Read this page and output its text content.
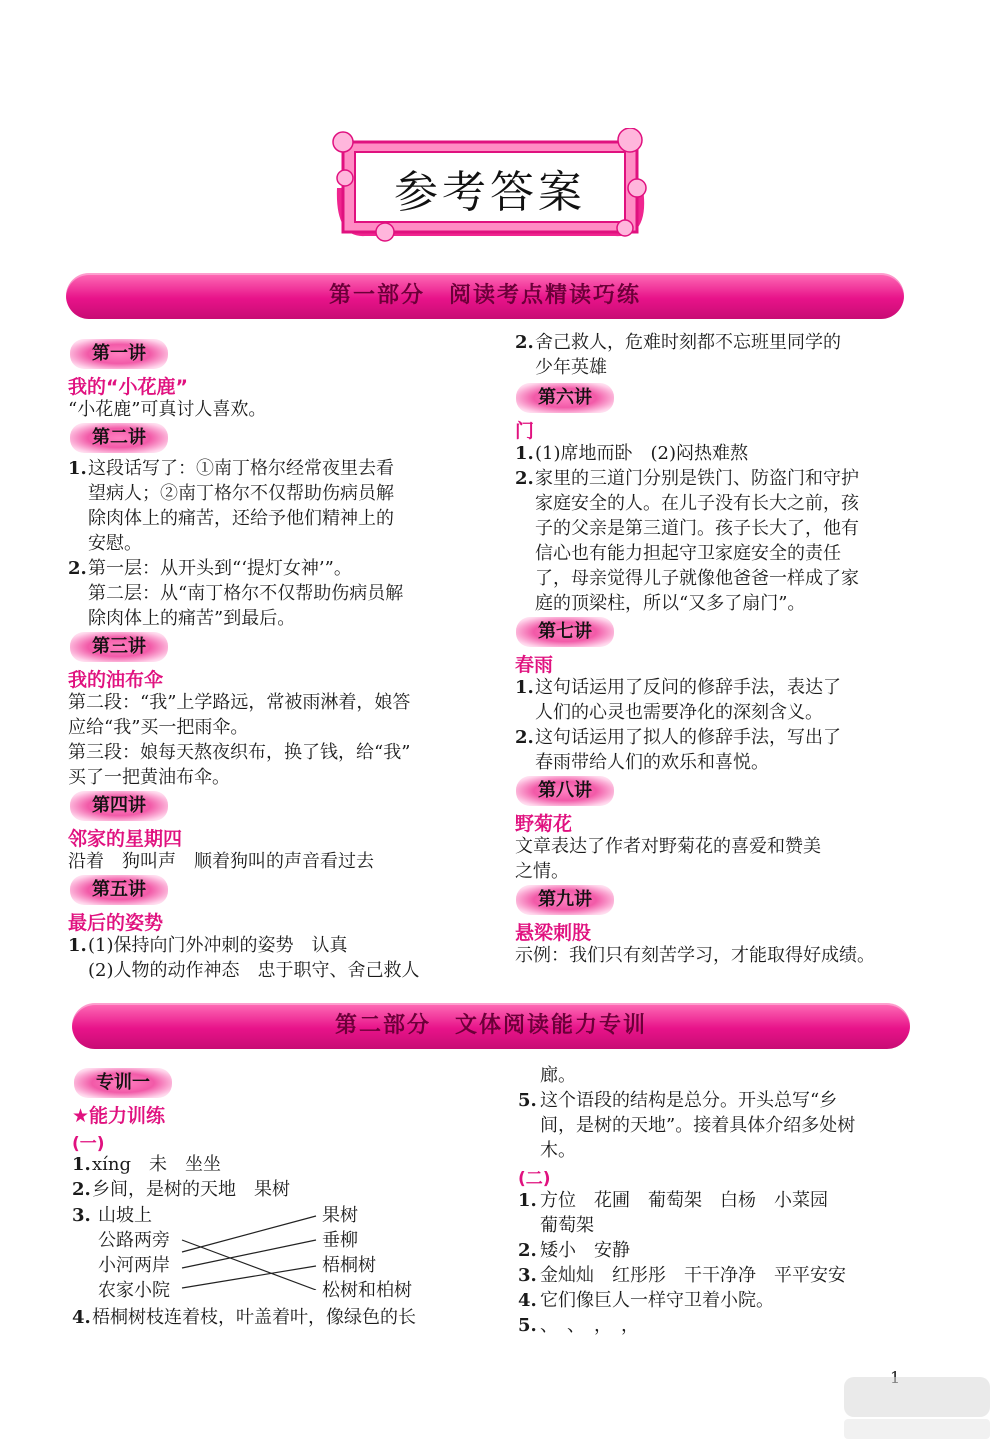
参考答案
第一部分　阅读考点精读巧练
第一讲
我的“小花鹿”
“小花鹿”可真讨人喜欢。
第二讲
1. 这段话写了：①南丁格尔经常夜里去看
望病人；②南丁格尔不仅帮助伤病员解
除肉体上的痛苦，还给予他们精神上的
安慰。
2. 第一层：从开头到“‘提灯女神’”。
第二层：从“南丁格尔不仅帮助伤病员解
除肉体上的痛苦”到最后。
第三讲
我的油布伞
第二段：“我”上学路远，常被雨淋着，娘答
应给“我”买一把雨伞。
第三段：娘每天熬夜织布，换了钱，给“我”
买了一把黄油布伞。
第四讲
邻家的星期四
沿着　狗叫声　顺着狗叫的声音看过去
第五讲
最后的姿势
1. (1)保持向门外冲刺的姿势　认真
(2)人物的动作神态　忠于职守、舍己救人
2. 舍己救人，危难时刻都不忘班里同学的
少年英雄
第六讲
门
1. (1)席地而卧　(2)闷热难熬
2. 家里的三道门分别是铁门、防盗门和守护
家庭安全的人。在儿子没有长大之前，孩
子的父亲是第三道门。孩子长大了，他有
信心也有能力担起守卫家庭安全的责任
了，母亲觉得儿子就像他爸爸一样成了家
庭的顶梁柱，所以“又多了扇门”。
第七讲
春雨
1. 这句话运用了反问的修辞手法，表达了
人们的心灵也需要净化的深刻含义。
2. 这句话运用了拟人的修辞手法，写出了
春雨带给人们的欢乐和喜悦。
第八讲
野菊花
文章表达了作者对野菊花的喜爱和赞美
之情。
第九讲
悬梁刺股
示例：我们只有刻苦学习，才能取得好成绩。
第二部分　文体阅读能力专训
专训一
★能力训练
(一)
1. xíng　未　坐坐
2. 乡间，是树的天地　果树
3. 山坡上
公路两旁
小河两岸
农家小院
果树
垂柳
梧桐树
松树和柏树
4. 梧桐树枝连着枝，叶盖着叶，像绿色的长
廊。
5. 这个语段的结构是总分。开头总写“乡
间，是树的天地”。接着具体介绍多处树
木。
(二)
1. 方位　花圃　葡萄架　白杨　小菜园
葡萄架
2. 矮小　安静
3. 金灿灿　红彤彤　干干净净　平平安安
4. 它们像巨人一样守卫着小院。
5. 、　、　，　，
